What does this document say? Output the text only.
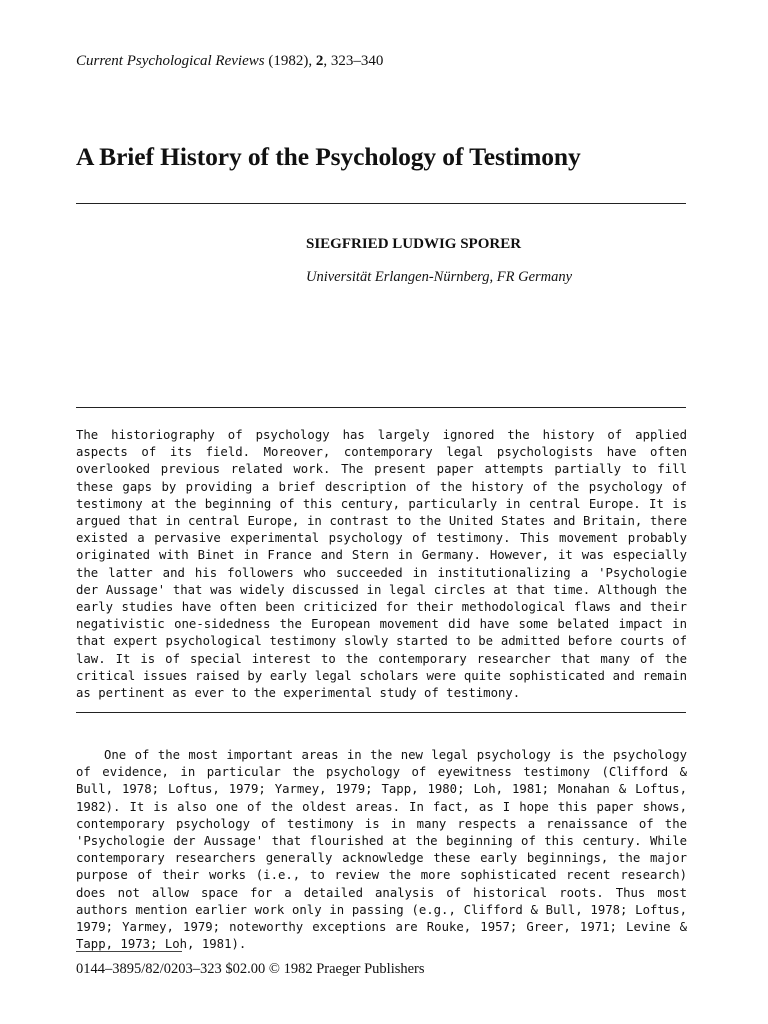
Current Psychological Reviews (1982), 2, 323–340
A Brief History of the Psychology of Testimony
SIEGFRIED LUDWIG SPORER
Universität Erlangen-Nürnberg, FR Germany

The historiography of psychology has largely ignored the history of applied aspects of its field. Moreover, contemporary legal psychologists have often overlooked previous related work. The present paper attempts partially to fill these gaps by providing a brief description of the history of the psychology of testimony at the beginning of this century, particularly in central Europe. It is argued that in central Europe, in contrast to the United States and Britain, there existed a pervasive experimental psychology of testimony. This movement probably originated with Binet in France and Stern in Germany. However, it was especially the latter and his followers who succeeded in institutionalizing a 'Psychologie der Aussage' that was widely discussed in legal circles at that time. Although the early studies have often been criticized for their methodological flaws and their negativistic one-sidedness the European movement did have some belated impact in that expert psychological testimony slowly started to be admitted before courts of law. It is of special interest to the contemporary researcher that many of the critical issues raised by early legal scholars were quite sophisticated and remain as pertinent as ever to the experimental study of testimony.

One of the most important areas in the new legal psychology is the psychology of evidence, in particular the psychology of eyewitness testimony (Clifford & Bull, 1978; Loftus, 1979; Yarmey, 1979; Tapp, 1980; Loh, 1981; Monahan & Loftus, 1982). It is also one of the oldest areas. In fact, as I hope this paper shows, contemporary psychology of testimony is in many respects a renaissance of the 'Psychologie der Aussage' that flourished at the beginning of this century. While contemporary researchers generally acknowledge these early beginnings, the major purpose of their works (i.e., to review the more sophisticated recent research) does not allow space for a detailed analysis of historical roots. Thus most authors mention earlier work only in passing (e.g., Clifford & Bull, 1978; Loftus, 1979; Yarmey, 1979; noteworthy exceptions are Rouke, 1957; Greer, 1971; Levine & Tapp, 1973; Loh, 1981).

0144–3895/82/0203–323 $02.00 © 1982 Praeger Publishers
